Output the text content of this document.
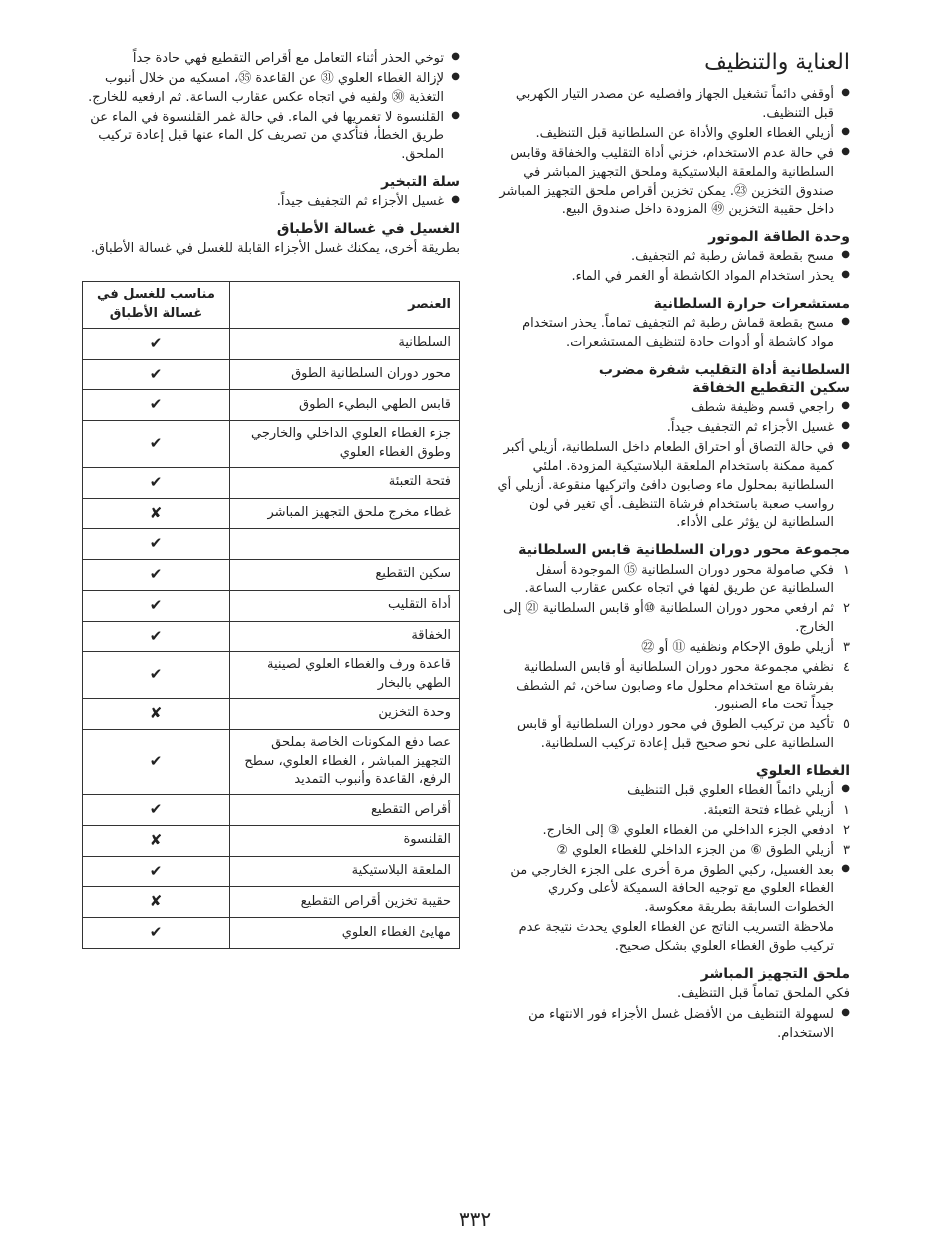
العناية والتنظيف
● أوقفي دائماً تشغيل الجهاز وافصليه عن مصدر التيار الكهربي قبل التنظيف.
● أزيلي الغطاء العلوي والأداة عن السلطانية قبل التنظيف.
● في حالة عدم الاستخدام، خزني أداة التقليب والخفاقة وقابس السلطانية والملعقة البلاستيكية وملحق التجهيز المباشر في صندوق التخزين ㉓. يمكن تخزين أقراص ملحق التجهيز المباشر داخل حقيبة التخزين ㊾ المزودة داخل صندوق البيع.
وحدة الطاقة الموتور
● مسح بقطعة قماش رطبة ثم التجفيف.
● يحذر استخدام المواد الكاشطة أو الغمر في الماء.
مستشعرات حرارة السلطانية
● مسح بقطعة قماش رطبة ثم التجفيف تماماً. يحذر استخدام مواد كاشطة أو أدوات حادة لتنظيف المستشعرات.
السلطانية أداة التقليب شفرة مضرب
سكين التقطيع الخفاقة
● راجعي قسم وظيفة شطف
● غسيل الأجزاء ثم التجفيف جيداً.
● في حالة التصاق أو احتراق الطعام داخل السلطانية، أزيلي أكبر كمية ممكنة باستخدام الملعقة البلاستيكية المزودة. املئي السلطانية بمحلول ماء وصابون دافئ واتركيها منقوعة. أزيلي أي رواسب صعبة باستخدام فرشاة التنظيف. أي تغير في لون السلطانية لن يؤثر على الأداء.
مجموعة محور دوران السلطانية قابس السلطانية
١
فكي صامولة محور دوران السلطانية ⑮ الموجودة أسفل السلطانية عن طريق لفها في اتجاه عكس عقارب الساعة.
٢
ثم ارفعي محور دوران السلطانية ⑩أو قابس السلطانية ㉑ إلى الخارج.
٣
أزيلي طوق الإحكام ونظفيه ⑪ أو ㉒
٤
نظفي مجموعة محور دوران السلطانية أو قابس السلطانية بفرشاة مع استخدام محلول ماء وصابون ساخن، ثم الشطف جيداً تحت ماء الصنبور.
٥
تأكيد من تركيب الطوق في محور دوران السلطانية أو قابس السلطانية على نحو صحيح قبل إعادة تركيب السلطانية.
الغطاء العلوي
● أزيلي دائماً الغطاء العلوي قبل التنظيف
١
أزيلي غطاء فتحة التعبئة.
٢
ادفعي الجزء الداخلي من الغطاء العلوي ③ إلى الخارج.
٣
أزيلي الطوق ⑥ من الجزء الداخلي للغطاء العلوي ②
● بعد الغسيل، ركبي الطوق مرة أخرى على الجزء الخارجي من الغطاء العلوي مع توجيه الحافة السميكة لأعلى وكرري الخطوات السابقة بطريقة معكوسة.

ملاحظة التسريب الناتج عن الغطاء العلوي يحدث نتيجة عدم تركيب طوق الغطاء العلوي بشكل صحيح.

ملحق التجهيز المباشر

فكي الملحق تماماً قبل التنظيف.

● لسهولة التنظيف من الأفضل غسل الأجزاء فور الانتهاء من الاستخدام.
● توخي الحذر أثناء التعامل مع أقراص التقطيع فهي حادة جداً
● لإزالة الغطاء العلوي ㉛ عن القاعدة ㉟، امسكيه من خلال أنبوب التغذية ㉚ ولفيه في اتجاه عكس عقارب الساعة. ثم ارفعيه للخارج.
● القلنسوة لا تغمريها في الماء. في حالة غمر القلنسوة في الماء عن طريق الخطأ، فتأكدي من تصريف كل الماء عنها قبل إعادة تركيب الملحق.
سلة التبخير
● غسيل الأجزاء ثم التجفيف جيداً.
الغسيل في غسالة الأطباق

بطريقة أخرى، يمكنك غسل الأجزاء القابلة للغسل في غسالة الأطباق.

العنصر	مناسب للغسل في غسالة الأطباق
السلطانية	✔
محور دوران السلطانية الطوق	✔
قابس الطهي البطيء الطوق	✔
جزء الغطاء العلوي الداخلي والخارجي وطوق الغطاء العلوي	✔
فتحة التعبئة	✔
غطاء مخرج ملحق التجهيز المباشر	✘
	✔
سكين التقطيع	✔
أداة التقليب	✔
الخفاقة	✔
قاعدة ورف والغطاء العلوي لصينية الطهي بالبخار	✔
وحدة التخزين	✘
عصا دفع المكونات الخاصة بملحق التجهيز المباشر ، الغطاء العلوي، سطح الرفع، القاعدة وأنبوب التمديد	✔
أقراص التقطيع	✔
القلنسوة	✘
الملعقة البلاستيكية	✔
حقيبة تخزين أقراص التقطيع	✘
مهايئ الغطاء العلوي	✔
٣٣٢
